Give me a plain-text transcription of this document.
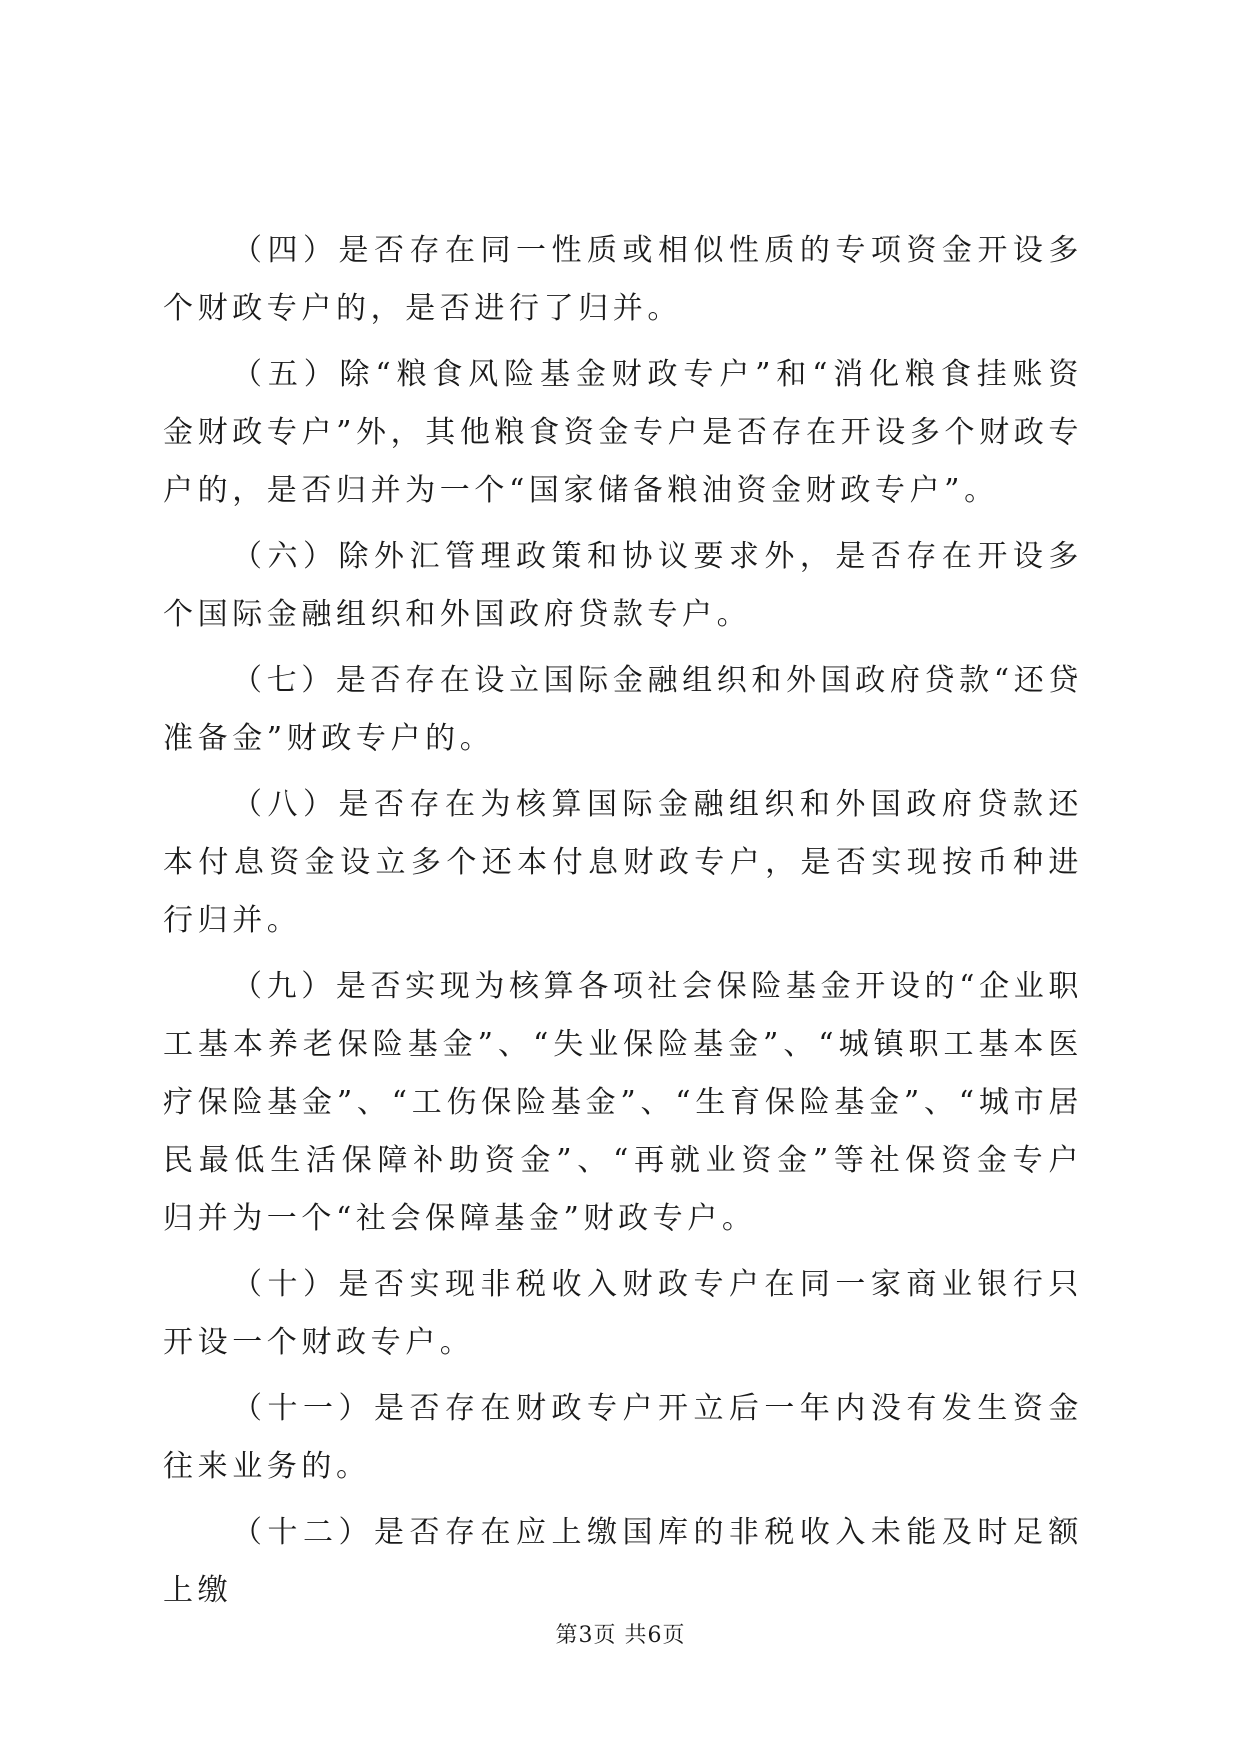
（四）是否存在同一性质或相似性质的专项资金开设多个财政专户的，是否进行了归并。

（五）除“粮食风险基金财政专户”和“消化粮食挂账资金财政专户”外，其他粮食资金专户是否存在开设多个财政专户的，是否归并为一个“国家储备粮油资金财政专户”。

（六）除外汇管理政策和协议要求外，是否存在开设多个国际金融组织和外国政府贷款专户。

（七）是否存在设立国际金融组织和外国政府贷款“还贷准备金”财政专户的。

（八）是否存在为核算国际金融组织和外国政府贷款还本付息资金设立多个还本付息财政专户，是否实现按币种进行归并。

（九）是否实现为核算各项社会保险基金开设的“企业职工基本养老保险基金”、“失业保险基金”、“城镇职工基本医疗保险基金”、“工伤保险基金”、“生育保险基金”、“城市居民最低生活保障补助资金”、“再就业资金”等社保资金专户归并为一个“社会保障基金”财政专户。

（十）是否实现非税收入财政专户在同一家商业银行只开设一个财政专户。

（十一）是否存在财政专户开立后一年内没有发生资金往来业务的。

（十二）是否存在应上缴国库的非税收入未能及时足额上缴

第3页 共6页
